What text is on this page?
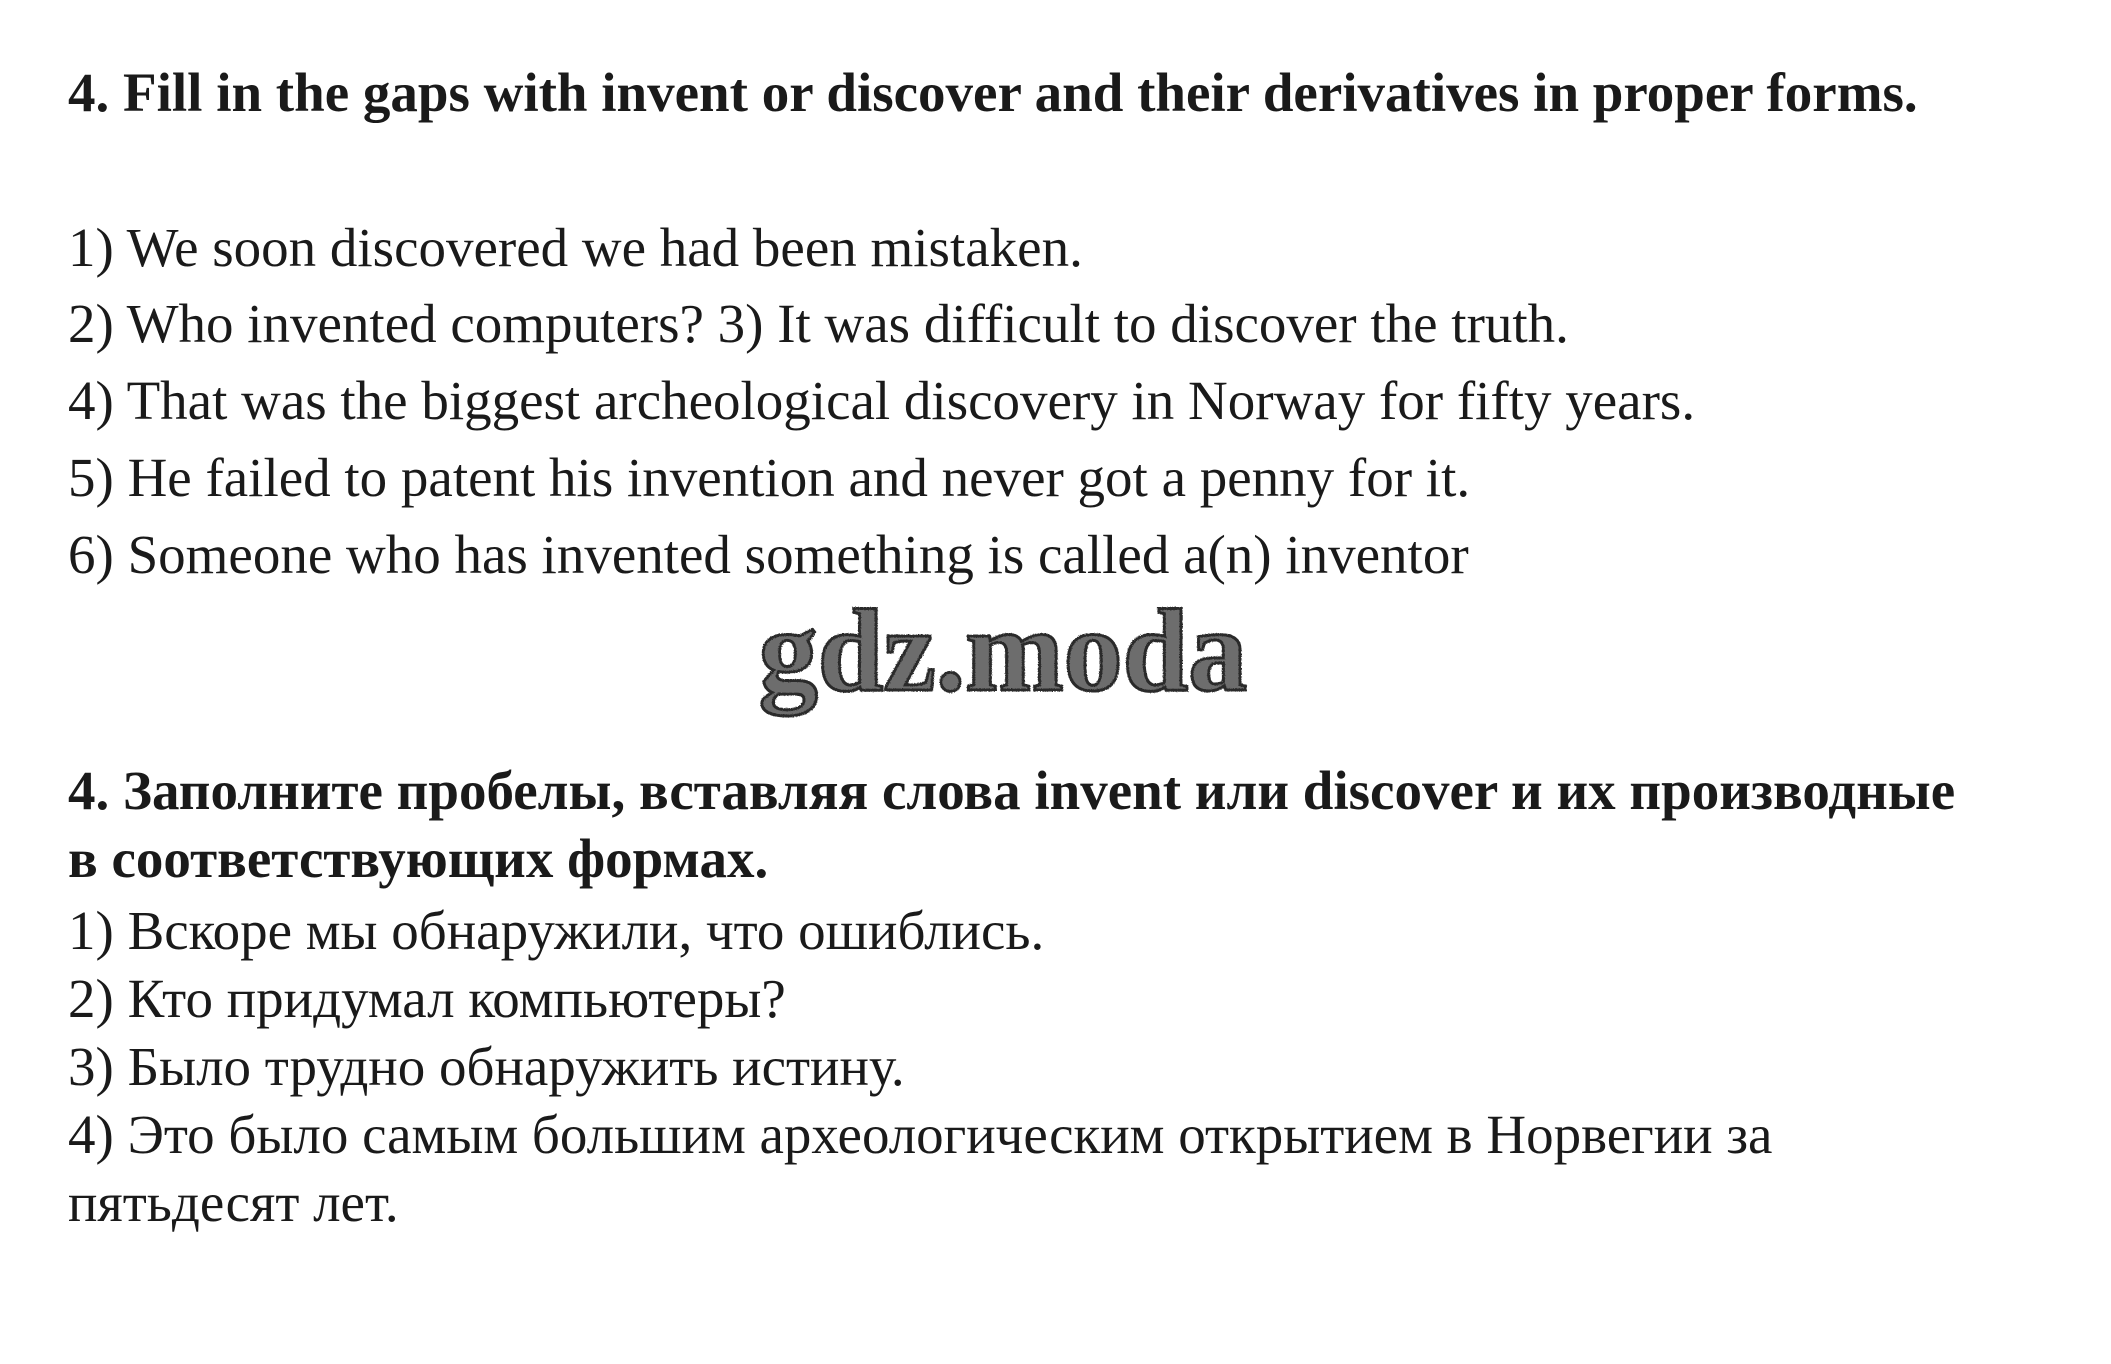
4. Fill in the gaps with invent or discover and their derivatives in proper forms.

1) We soon discovered we had been mistaken.

2) Who invented computers? 3) It was difficult to discover the truth.

4) That was the biggest archeological discovery in Norway for fifty years.

5) He failed to patent his invention and never got a penny for it.

6) Someone who has invented something is called a(n) inventor

gdz.moda

4. Заполните пробелы, вставляя слова invent или discover и их производные в соответствующих формах.

1) Вскоре мы обнаружили, что ошиблись.

2) Кто придумал компьютеры?

3) Было трудно обнаружить истину.

4) Это было самым большим археологическим открытием в Норвегии за пятьдесят лет.
